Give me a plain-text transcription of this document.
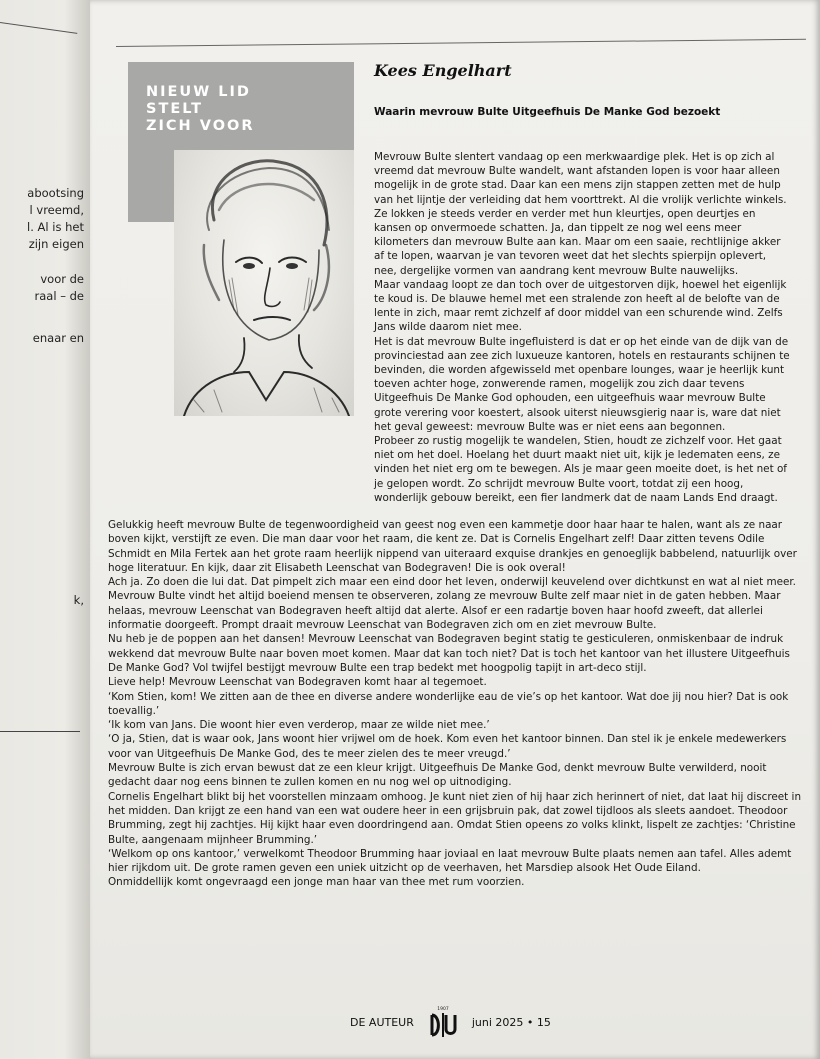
abootsing
l vreemd,
l. Al is het
zijn eigen
voor de
raal – de
enaar en
k,
NIEUW LID
STELT
ZICH VOOR
Kees Engelhart
Waarin mevrouw Bulte Uitgeefhuis De Manke God bezoekt

Mevrouw Bulte slentert vandaag op een merkwaardige plek. Het is op zich al vreemd dat mevrouw Bulte wandelt, want afstanden lopen is voor haar alleen mogelijk in de grote stad. Daar kan een mens zijn stappen zetten met de hulp van het lijntje der verleiding dat hem voorttrekt. Al die vrolijk verlichte winkels. Ze lokken je steeds verder en verder met hun kleurtjes, open deurtjes en kansen op onvermoede schatten. Ja, dan tippelt ze nog wel eens meer kilometers dan mevrouw Bulte aan kan. Maar om een saaie, rechtlijnige akker af te lopen, waarvan je van tevoren weet dat het slechts spierpijn oplevert, nee, dergelijke vormen van aandrang kent mevrouw Bulte nauwelijks.

Maar vandaag loopt ze dan toch over de uitgestorven dijk, hoewel het eigenlijk te koud is. De blauwe hemel met een stralende zon heeft al de belofte van de lente in zich, maar remt zichzelf af door middel van een schurende wind. Zelfs Jans wilde daarom niet mee.

Het is dat mevrouw Bulte ingefluisterd is dat er op het einde van de dijk van de provinciestad aan zee zich luxueuze kantoren, hotels en restaurants schijnen te bevinden, die worden afgewisseld met openbare lounges, waar je heerlijk kunt toeven achter hoge, zonwerende ramen, mogelijk zou zich daar tevens Uitgeefhuis De Manke God ophouden, een uitgeefhuis waar mevrouw Bulte grote verering voor koestert, alsook uiterst nieuwsgierig naar is, ware dat niet het geval geweest: mevrouw Bulte was er niet eens aan begonnen.

Probeer zo rustig mogelijk te wandelen, Stien, houdt ze zichzelf voor. Het gaat niet om het doel. Hoelang het duurt maakt niet uit, kijk je ledematen eens, ze vinden het niet erg om te bewegen. Als je maar geen moeite doet, is het net of je gelopen wordt. Zo schrijdt mevrouw Bulte voort, totdat zij een hoog, wonderlijk gebouw bereikt, een fier landmerk dat de naam Lands End draagt.

Gelukkig heeft mevrouw Bulte de tegenwoordigheid van geest nog even een kammetje door haar haar te halen, want als ze naar boven kijkt, verstijft ze even. Die man daar voor het raam, die kent ze. Dat is Cornelis Engelhart zelf! Daar zitten tevens Odile Schmidt en Mila Fertek aan het grote raam heerlijk nippend van uiteraard exquise drankjes en genoeglijk babbelend, natuurlijk over hoge literatuur. En kijk, daar zit Elisabeth Leenschat van Bodegraven! Die is ook overal!

Ach ja. Zo doen die lui dat. Dat pimpelt zich maar een eind door het leven, onderwijl keuvelend over dichtkunst en wat al niet meer.

Mevrouw Bulte vindt het altijd boeiend mensen te observeren, zolang ze mevrouw Bulte zelf maar niet in de gaten hebben. Maar helaas, mevrouw Leenschat van Bodegraven heeft altijd dat alerte. Alsof er een radartje boven haar hoofd zweeft, dat allerlei informatie doorgeeft. Prompt draait mevrouw Leenschat van Bodegraven zich om en ziet mevrouw Bulte.

Nu heb je de poppen aan het dansen! Mevrouw Leenschat van Bodegraven begint statig te gesticuleren, onmiskenbaar de indruk wekkend dat mevrouw Bulte naar boven moet komen. Maar dat kan toch niet? Dat is toch het kantoor van het illustere Uitgeefhuis De Manke God? Vol twijfel bestijgt mevrouw Bulte een trap bedekt met hoogpolig tapijt in art-deco stijl.

Lieve help! Mevrouw Leenschat van Bodegraven komt haar al tegemoet.

‘Kom Stien, kom! We zitten aan de thee en diverse andere wonderlijke eau de vie’s op het kantoor. Wat doe jij nou hier? Dat is ook toevallig.’

‘Ik kom van Jans. Die woont hier even verderop, maar ze wilde niet mee.’

‘O ja, Stien, dat is waar ook, Jans woont hier vrijwel om de hoek. Kom even het kantoor binnen. Dan stel ik je enkele medewerkers voor van Uitgeefhuis De Manke God, des te meer zielen des te meer vreugd.’

Mevrouw Bulte is zich ervan bewust dat ze een kleur krijgt. Uitgeefhuis De Manke God, denkt mevrouw Bulte verwilderd, nooit gedacht daar nog eens binnen te zullen komen en nu nog wel op uitnodiging.

Cornelis Engelhart blikt bij het voorstellen minzaam omhoog. Je kunt niet zien of hij haar zich herinnert of niet, dat laat hij discreet in het midden. Dan krijgt ze een hand van een wat oudere heer in een grijsbruin pak, dat zowel tijdloos als sleets aandoet. Theodoor Brumming, zegt hij zachtjes. Hij kijkt haar even doordringend aan. Omdat Stien opeens zo volks klinkt, lispelt ze zachtjes: ‘Christine Bulte, aangenaam mijnheer Brumming.’

‘Welkom op ons kantoor,’ verwelkomt Theodoor Brumming haar joviaal en laat mevrouw Bulte plaats nemen aan tafel. Alles ademt hier rijkdom uit. De grote ramen geven een uniek uitzicht op de veerhaven, het Marsdiep alsook Het Oude Eiland.

Onmiddellijk komt ongevraagd een jonge man haar van thee met rum voorzien.

DE AUTEUR
1907
juni 2025 • 15
